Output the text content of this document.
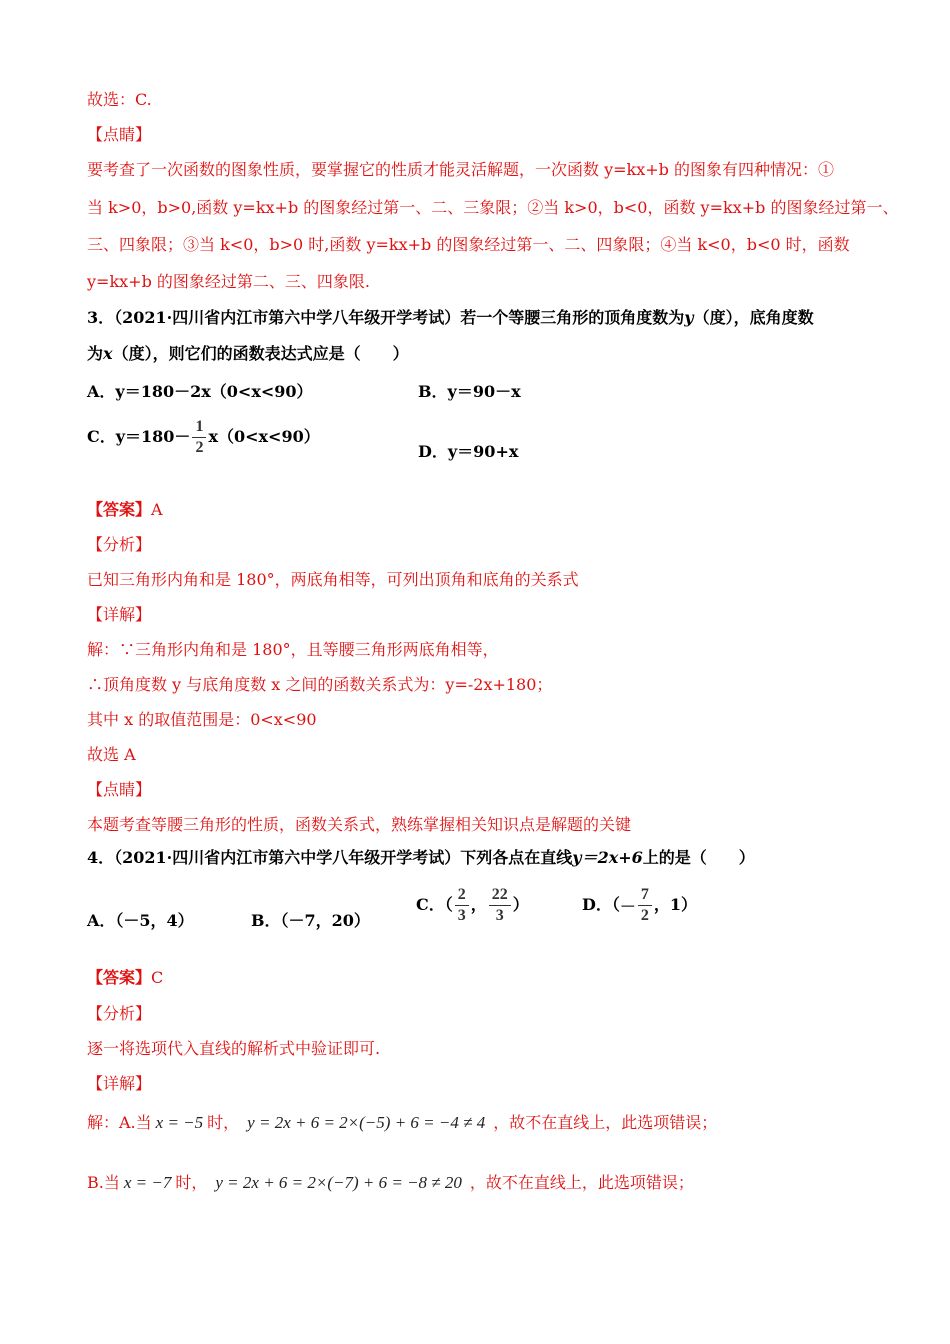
故选：C.
【点睛】
要考查了一次函数的图象性质，要掌握它的性质才能灵活解题，一次函数 y=kx+b 的图象有四种情况：①
当 k>0，b>0,函数 y=kx+b 的图象经过第一、二、三象限；②当 k>0，b<0，函数 y=kx+b 的图象经过第一、
三、四象限；③当 k<0，b>0 时,函数 y=kx+b 的图象经过第一、二、四象限；④当 k<0，b<0 时，函数
y=kx+b 的图象经过第二、三、四象限.
3．（2021·四川省内江市第六中学八年级开学考试）若一个等腰三角形的顶角度数为y（度），底角度数
为x（度），则它们的函数表达式应是（　　）
A．y＝180－2x（0<x<90）	B．y＝90－x
C．$y=180- \frac{1}{2} x(0<x<90)$
D．y＝90+x
【答案】A
【分析】
已知三角形内角和是 180°，两底角相等，可列出顶角和底角的关系式
【详解】
解：∵三角形内角和是 180°，且等腰三角形两底角相等，
∴顶角度数 y 与底角度数 x 之间的函数关系式为：y=-2x+180；
其中 x 的取值范围是：0<x<90
故选 A
【点睛】
本题考查等腰三角形的性质，函数关系式，熟练掌握相关知识点是解题的关键
4．（2021·四川省内江市第六中学八年级开学考试）下列各点在直线y＝2x+6上的是（　　）
A．（－5，4）	B．（－7，20）
C．（ $\frac{2}{3}$ ， $\frac{22}{3}$ ）	D．（－ $\frac{7}{2}$ ，1）
【答案】C
【分析】
逐一将选项代入直线的解析式中验证即可.
【详解】
解：A.当 x = −5 时， y = 2x + 6 = 2×(−5) + 6 = −4 ≠ 4 ，故不在直线上，此选项错误；
B.当 x = −7 时， y = 2x + 6 = 2×(−7) + 6 = −8 ≠ 20 ，故不在直线上，此选项错误；
